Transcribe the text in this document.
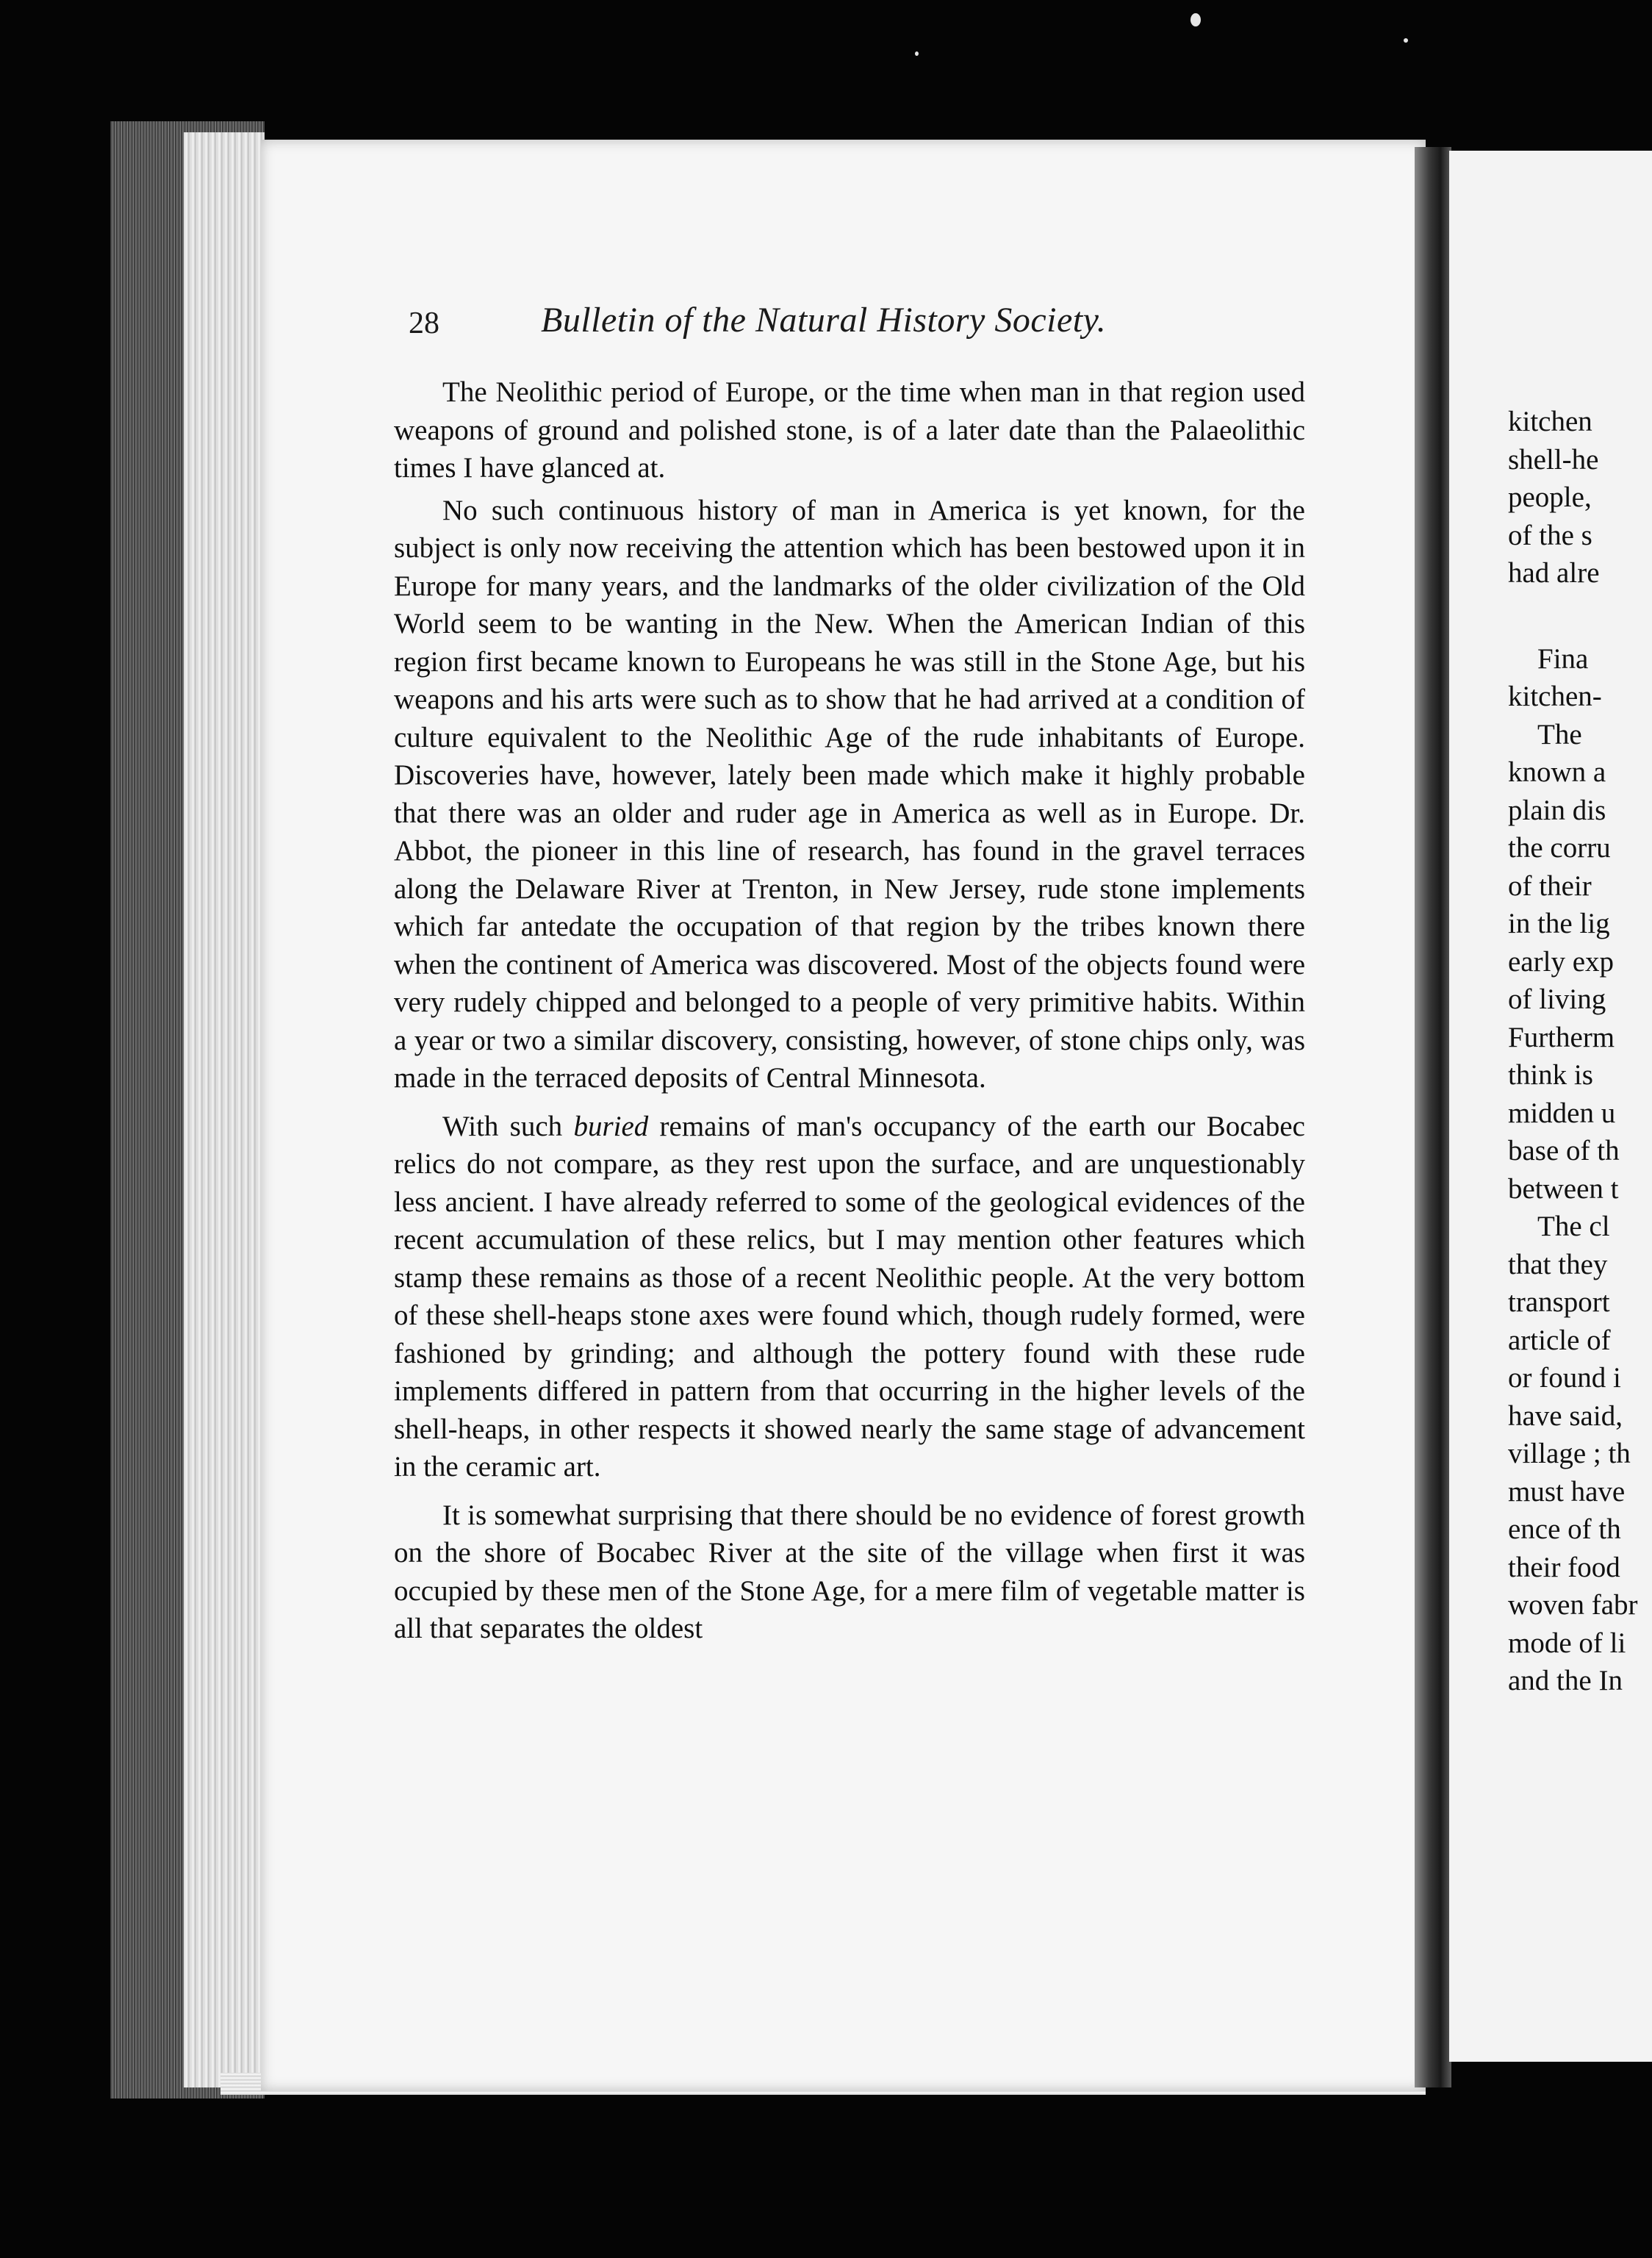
28	Bulletin of the Natural History Society.

The Neolithic period of Europe, or the time when man in that region used weapons of ground and polished stone, is of a later date than the Palaeolithic times I have glanced at.

No such continuous history of man in America is yet known, for the subject is only now receiving the attention which has been bestowed upon it in Europe for many years, and the landmarks of the older civilization of the Old World seem to be wanting in the New. When the American Indian of this region first became known to Europeans he was still in the Stone Age, but his weapons and his arts were such as to show that he had arrived at a condition of culture equivalent to the Neolithic Age of the rude inhabitants of Europe. Discoveries have, however, lately been made which make it highly probable that there was an older and ruder age in America as well as in Europe. Dr. Abbot, the pioneer in this line of research, has found in the gravel terraces along the Delaware River at Trenton, in New Jersey, rude stone implements which far antedate the occupation of that region by the tribes known there when the continent of America was discovered. Most of the objects found were very rudely chipped and belonged to a people of very primitive habits. Within a year or two a similar discovery, consisting, however, of stone chips only, was made in the terraced deposits of Central Minnesota.

With such buried remains of man's occupancy of the earth our Bocabec relics do not compare, as they rest upon the surface, and are unquestionably less ancient. I have already referred to some of the geological evidences of the recent accumulation of these relics, but I may mention other features which stamp these remains as those of a recent Neolithic people. At the very bottom of these shell-heaps stone axes were found which, though rudely formed, were fashioned by grinding; and although the pottery found with these rude implements differed in pattern from that occurring in the higher levels of the shell-heaps, in other respects it showed nearly the same stage of advancement in the ceramic art.

It is somewhat surprising that there should be no evidence of forest growth on the shore of Bocabec River at the site of the village when first it was occupied by these men of the Stone Age, for a mere film of vegetable matter is all that separates the oldest

kitchen
shell-he
people,
of the s
had alre
Fina
kitchen-
The
known a
plain dis
the corru
of their
in the lig
early exp
of living
Furtherm
think is
midden u
base of th
between t
The cl
that they
transport
article of
or found i
have said,
village ; th
must have
ence of th
their food
woven fabr
mode of li
and the In
